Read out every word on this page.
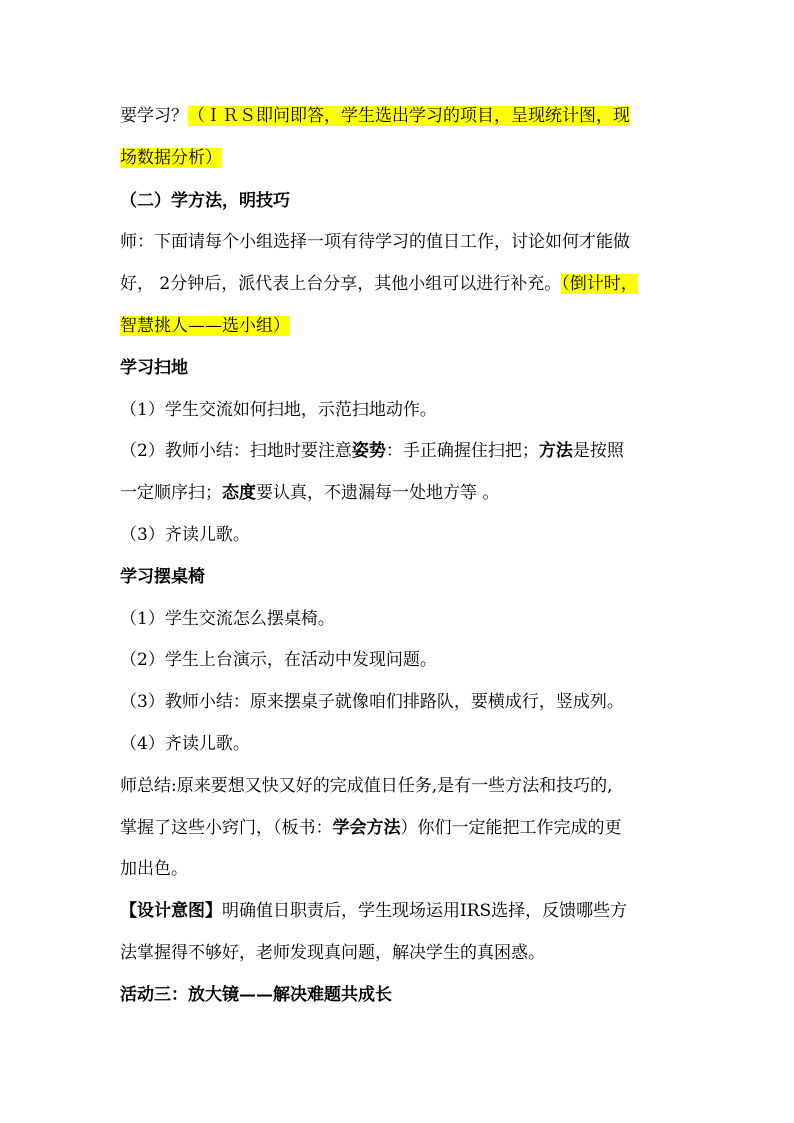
要学习？（ＩＲＳ即问即答，学生选出学习的项目，呈现统计图，现
场数据分析）
（二）学方法，明技巧
师：下面请每个小组选择一项有待学习的值日工作，讨论如何才能做
好， 2分钟后，派代表上台分享，其他小组可以进行补充。（倒计时，
智慧挑人——选小组）
学习扫地
（1）学生交流如何扫地，示范扫地动作。
（2）教师小结：扫地时要注意姿势：手正确握住扫把；方法是按照
一定顺序扫；态度要认真，不遗漏每一处地方等 。
（3）齐读儿歌。
学习摆桌椅
（1）学生交流怎么摆桌椅。
（2）学生上台演示，在活动中发现问题。
（3）教师小结：原来摆桌子就像咱们排路队，要横成行，竖成列。
（4）齐读儿歌。
师总结:原来要想又快又好的完成值日任务,是有一些方法和技巧的,
掌握了这些小窍门，（板书：学会方法）你们一定能把工作完成的更
加出色。
【设计意图】明确值日职责后，学生现场运用IRS选择，反馈哪些方
法掌握得不够好，老师发现真问题，解决学生的真困惑。
活动三：放大镜——解决难题共成长
